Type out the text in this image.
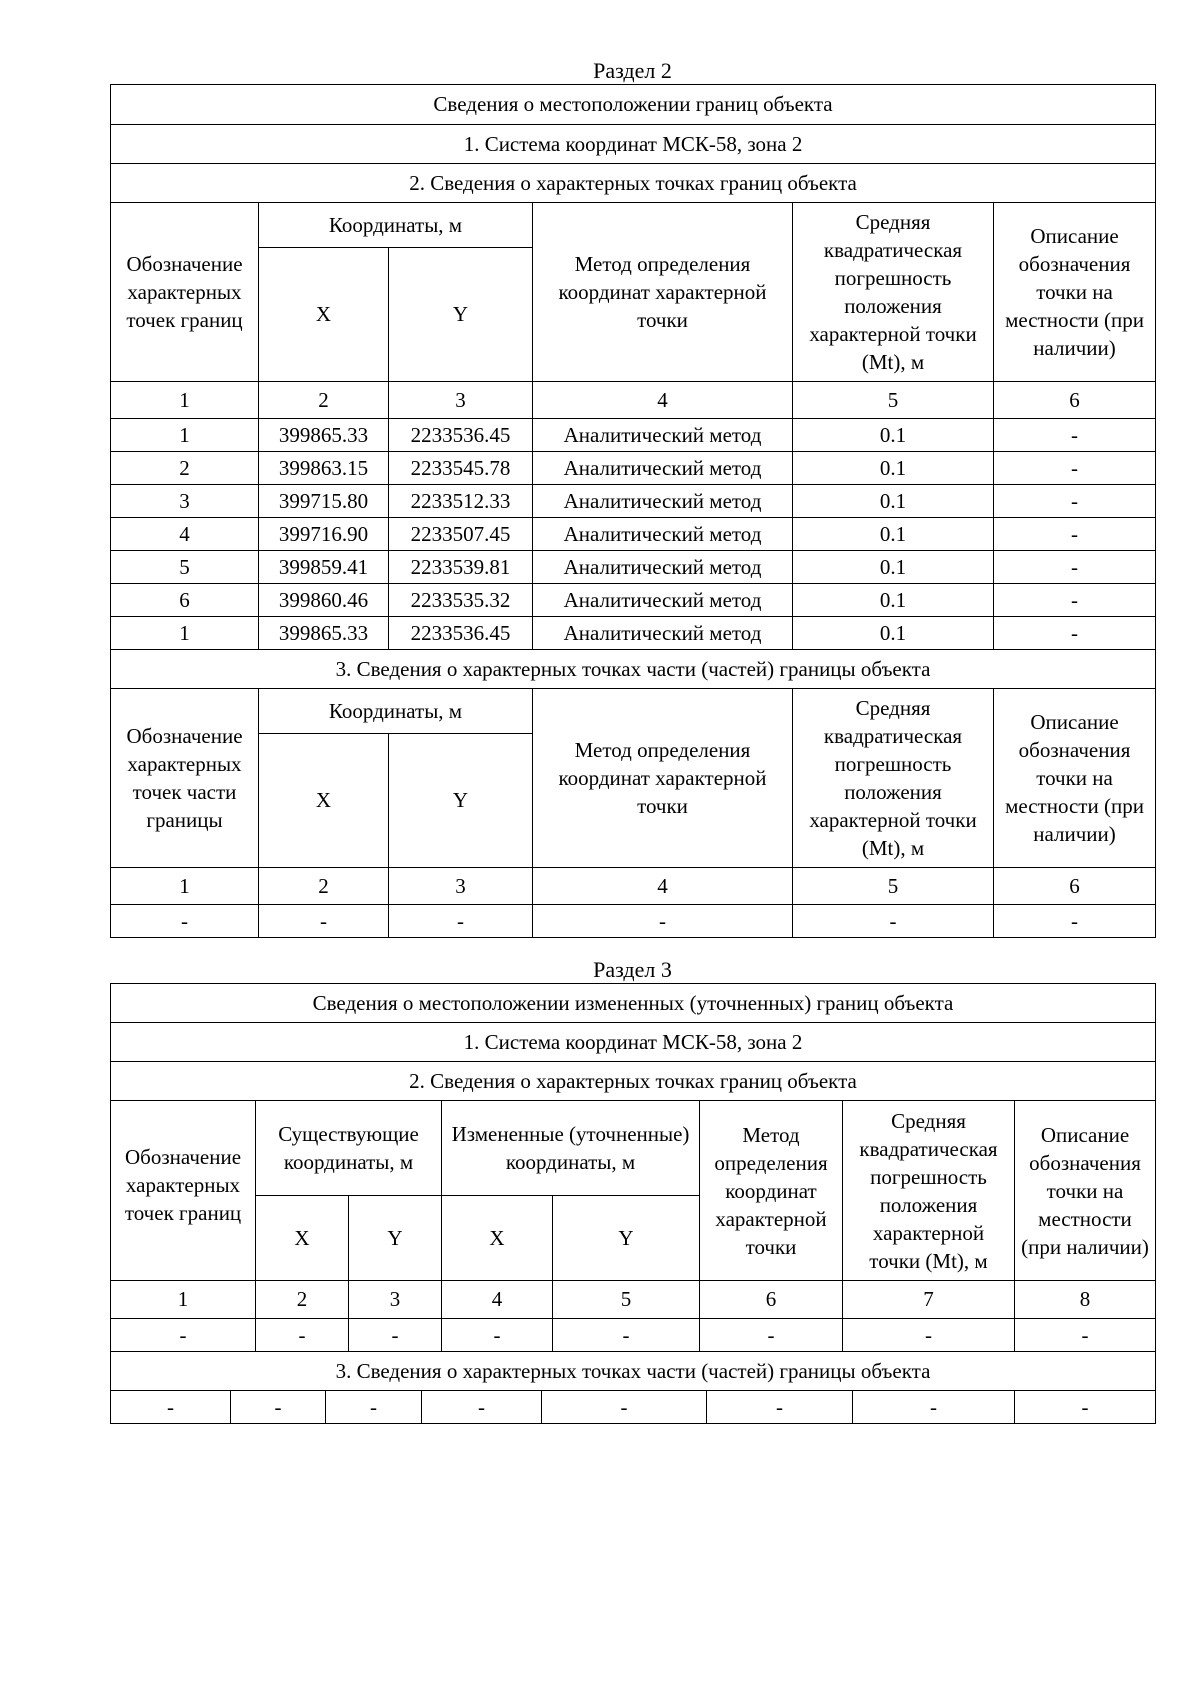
Раздел 2
Сведения о местоположении границ объекта					
1. Система координат МСК-58, зона 2					
2. Сведения о характерных точках границ объекта					
Обозначение характерных точек границ	Координаты, м		Метод определения координат характерной точки	Средняя квадратическая погрешность положения характерной точки (Mt), м	Описание обозначения точки на местности (при наличии)
	X	Y			
1	2	3	4	5	6
1	399865.33	2233536.45	Аналитический метод	0.1	-
2	399863.15	2233545.78	Аналитический метод	0.1	-
3	399715.80	2233512.33	Аналитический метод	0.1	-
4	399716.90	2233507.45	Аналитический метод	0.1	-
5	399859.41	2233539.81	Аналитический метод	0.1	-
6	399860.46	2233535.32	Аналитический метод	0.1	-
1	399865.33	2233536.45	Аналитический метод	0.1	-
3. Сведения о характерных точках части (частей) границы объекта					
Обозначение характерных точек части границы	Координаты, м		Метод определения координат характерной точки	Средняя квадратическая погрешность положения характерной точки (Mt), м	Описание обозначения точки на местности (при наличии)
	X	Y			
1	2	3	4	5	6
-	-	-	-	-	-
Раздел 3
Сведения о местоположении измененных (уточненных) границ объекта							
1. Система координат МСК-58, зона 2							
2. Сведения о характерных точках границ объекта							
Обозначение характерных точек границ	Существующие координаты, м		Измененные (уточненные) координаты, м		Метод определения координат характерной точки	Средняя квадратическая погрешность положения характерной точки (Mt), м	Описание обозначения точки на местности (при наличии)
	X	Y	X	Y			
1	2	3	4	5	6	7	8
-	-	-	-	-	-	-	-
3. Сведения о характерных точках части (частей) границы объекта							
-	-	-	-	-	-	-	-
